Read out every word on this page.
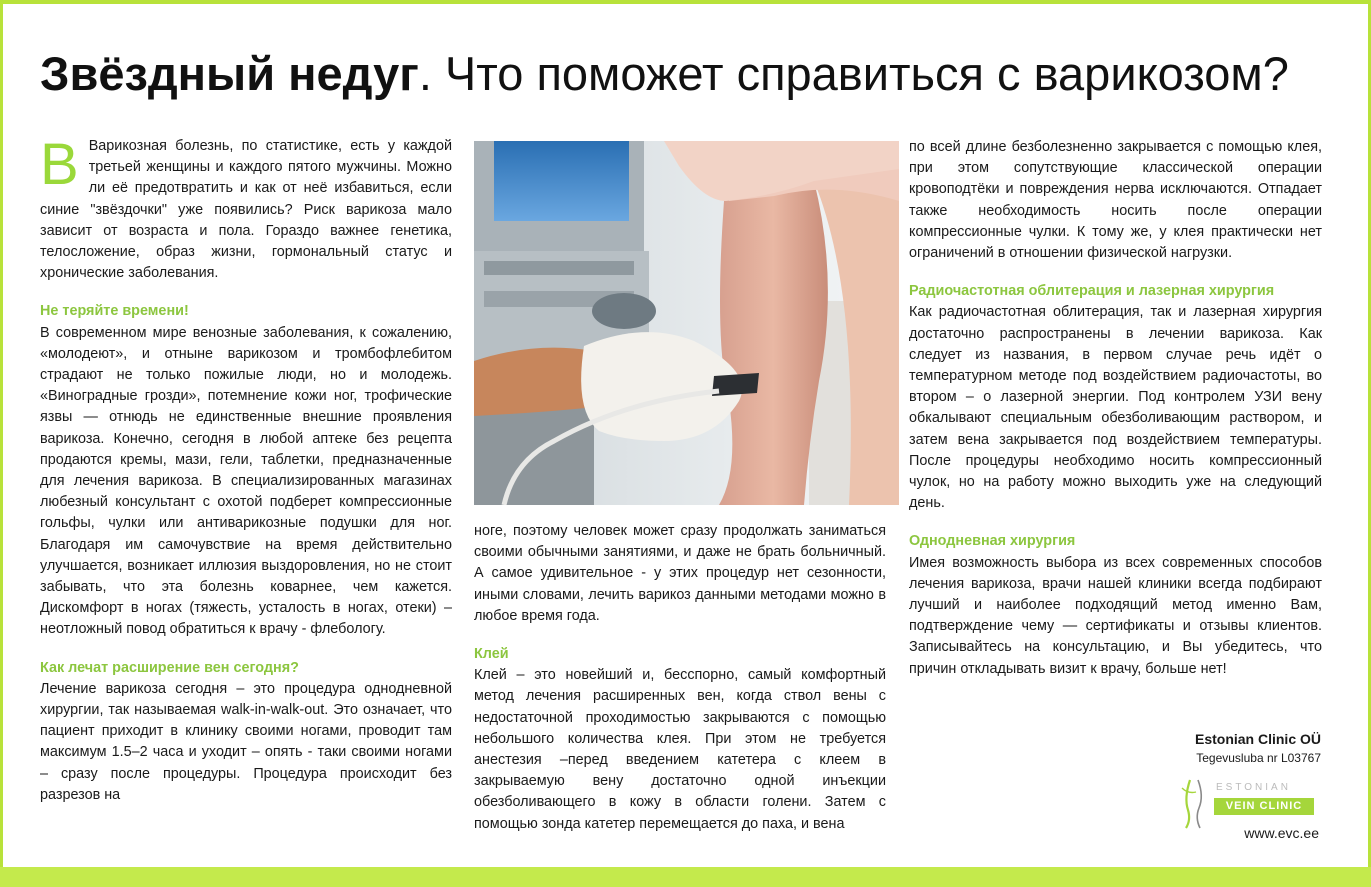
Звёздный недуг. Что поможет справиться с варикозом?

В Варикозная болезнь, по статистике, есть у каждой третьей женщины и каждого пятого мужчины. Можно ли её предотвратить и как от неё избавиться, если синие "звёздочки" уже появились? Риск варикоза мало зависит от возраста и пола. Гораздо важнее генетика, телосложение, образ жизни, гормональный статус и хронические заболевания.

Не теряйте времени!

В современном мире венозные заболевания, к сожалению, «молодеют», и отныне варикозом и тромбофлебитом страдают не только пожилые люди, но и молодежь. «Виноградные грозди», потемнение кожи ног, трофические язвы — отнюдь не единственные внешние проявления варикоза. Конечно, сегодня в любой аптеке без рецепта продаются кремы, мази, гели, таблетки, предназначенные для лечения варикоза. В специализированных магазинах любезный консультант с охотой подберет компрессионные гольфы, чулки или антиварикозные подушки для ног. Благодаря им самочувствие на время действительно улучшается, возникает иллюзия выздоровления, но не стоит забывать, что эта болезнь коварнее, чем кажется. Дискомфорт в ногах (тяжесть, усталость в ногах, отеки) – неотложный повод обратиться к врачу - флебологу.

Как лечат расширение вен сегодня?

Лечение варикоза сегодня – это процедура однодневной хирургии, так называемая walk-in-walk-out. Это означает, что пациент приходит в клинику своими ногами, проводит там максимум 1.5–2 часа и уходит – опять - таки своими ногами – сразу после процедуры. Процедура происходит без разрезов на

ноге, поэтому человек может сразу продолжать заниматься своими обычными занятиями, и даже не брать больничный. А самое удивительное - у этих процедур нет сезонности, иными словами, лечить варикоз данными методами можно в любое время года.

Клей

Клей – это новейший и, бесспорно, самый комфортный метод лечения расширенных вен, когда ствол вены с недостаточной проходимостью закрываются с помощью небольшого количества клея. При этом не требуется анестезия –перед введением катетера с клеем в закрываемую вену достаточно одной инъекции обезболивающего в кожу в области голени. Затем с помощью зонда катетер перемещается до паха, и вена

по всей длине безболезненно закрывается с помощью клея, при этом сопутствующие классической операции кровоподтёки и повреждения нерва исключаются. Отпадает также необходимость носить после операции компрессионные чулки. К тому же, у клея практически нет ограничений в отношении физической нагрузки.

Радиочастотная облитерация и лазерная хирургия

Как радиочастотная облитерация, так и лазерная хирургия достаточно распространены в лечении варикоза. Как следует из названия, в первом случае речь идёт о температурном методе под воздействием радиочастоты, во втором – о лазерной энергии. Под контролем УЗИ вену обкалывают специальным обезболивающим раствором, и затем вена закрывается под воздействием температуры. После процедуры необходимо носить компрессионный чулок, но на работу можно выходить уже на следующий день.

Однодневная хирургия

Имея возможность выбора из всех современных способов лечения варикоза, врачи нашей клиники всегда подбирают лучший и наиболее подходящий метод именно Вам, подтверждение чему — сертификаты и отзывы клиентов. Записывайтесь на консультацию, и Вы убедитесь, что причин откладывать визит к врачу, больше нет!

Estonian Clinic OÜ
Tegevusluba nr L03767
ESTONIAN
VEIN CLINIC
www.evc.ee
